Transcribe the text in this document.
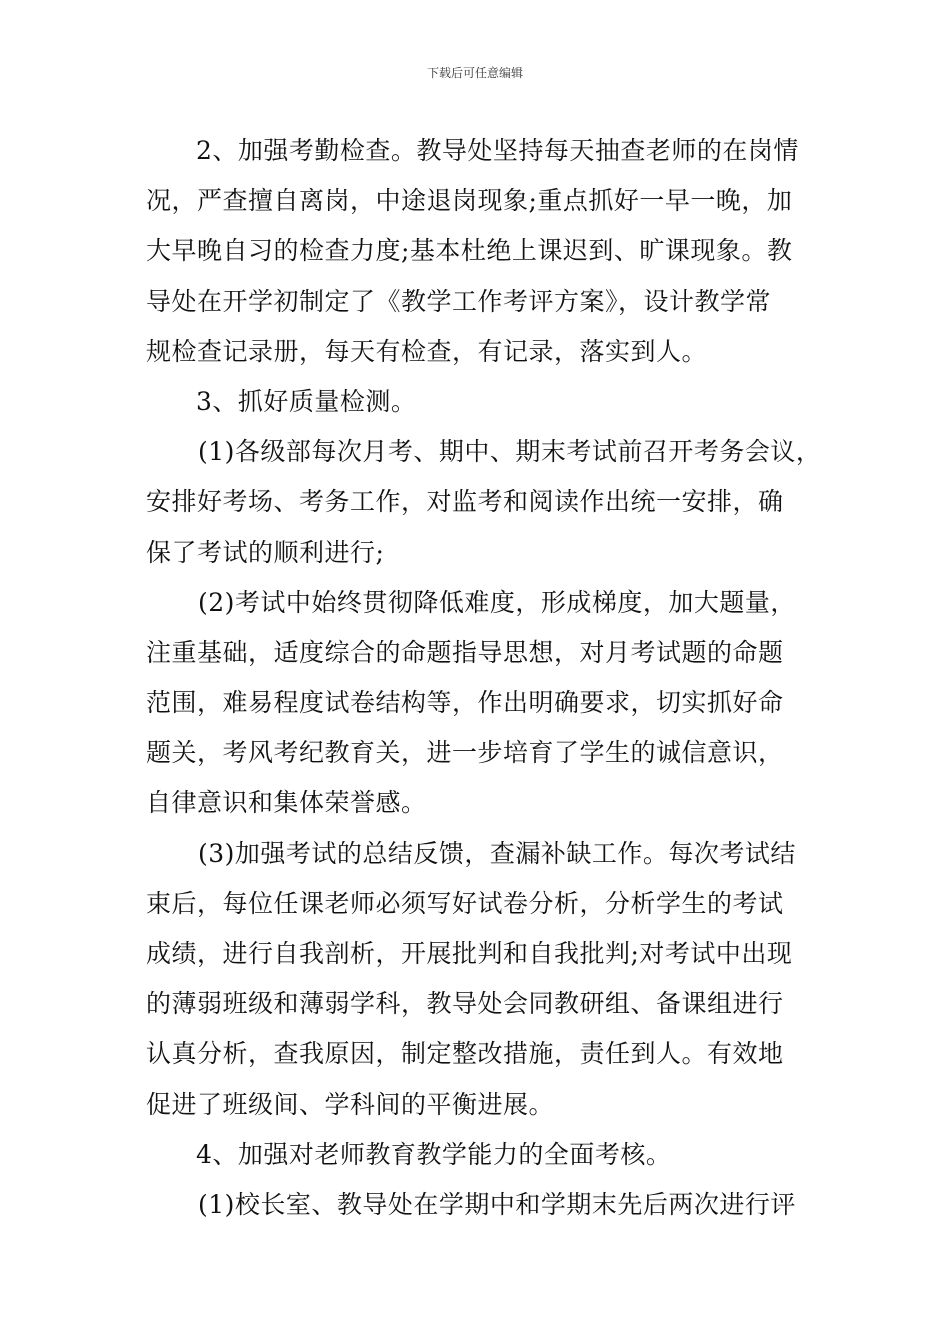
下载后可任意编辑
2、加强考勤检查。教导处坚持每天抽查老师的在岗情
况，严查擅自离岗，中途退岗现象;重点抓好一早一晚，加
大早晚自习的检查力度;基本杜绝上课迟到、旷课现象。教
导处在开学初制定了《教学工作考评方案》，设计教学常
规检查记录册，每天有检查，有记录，落实到人。
3、抓好质量检测。
(1)各级部每次月考、期中、期末考试前召开考务会议，
安排好考场、考务工作，对监考和阅读作出统一安排，确
保了考试的顺利进行;
(2)考试中始终贯彻降低难度，形成梯度，加大题量，
注重基础，适度综合的命题指导思想，对月考试题的命题
范围，难易程度试卷结构等，作出明确要求，切实抓好命
题关，考风考纪教育关，进一步培育了学生的诚信意识，
自律意识和集体荣誉感。
(3)加强考试的总结反馈，查漏补缺工作。每次考试结
束后，每位任课老师必须写好试卷分析，分析学生的考试
成绩，进行自我剖析，开展批判和自我批判;对考试中出现
的薄弱班级和薄弱学科，教导处会同教研组、备课组进行
认真分析，查我原因，制定整改措施，责任到人。有效地
促进了班级间、学科间的平衡进展。
4、加强对老师教育教学能力的全面考核。
(1)校长室、教导处在学期中和学期末先后两次进行评
